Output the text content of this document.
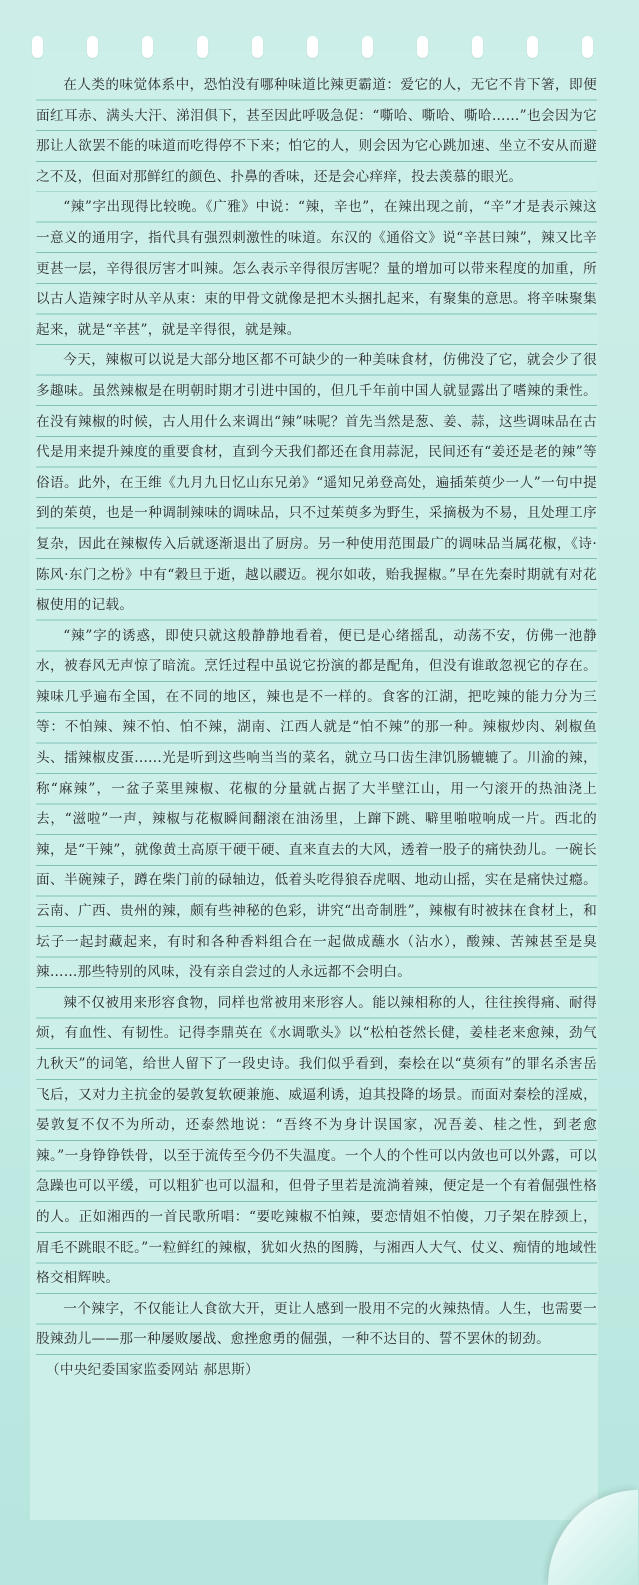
在人类的味觉体系中，恐怕没有哪种味道比辣更霸道：爱它的人，无它不肯下箸，即便面红耳赤、满头大汗、涕泪俱下，甚至因此呼吸急促：“嘶哈、嘶哈、嘶哈……”也会因为它那让人欲罢不能的味道而吃得停不下来；怕它的人，则会因为它心跳加速、坐立不安从而避之不及，但面对那鲜红的颜色、扑鼻的香味，还是会心痒痒，投去羡慕的眼光。

“辣”字出现得比较晚。《广雅》中说：“辣，辛也”，在辣出现之前，“辛”才是表示辣这一意义的通用字，指代具有强烈刺激性的味道。东汉的《通俗文》说“辛甚曰辣”，辣又比辛更甚一层，辛得很厉害才叫辣。怎么表示辛得很厉害呢？量的增加可以带来程度的加重，所以古人造辣字时从辛从束：束的甲骨文就像是把木头捆扎起来，有聚集的意思。将辛味聚集起来，就是“辛甚”，就是辛得很，就是辣。

今天，辣椒可以说是大部分地区都不可缺少的一种美味食材，仿佛没了它，就会少了很多趣味。虽然辣椒是在明朝时期才引进中国的，但几千年前中国人就显露出了嗜辣的秉性。在没有辣椒的时候，古人用什么来调出“辣”味呢？首先当然是葱、姜、蒜，这些调味品在古代是用来提升辣度的重要食材，直到今天我们都还在食用蒜泥，民间还有“姜还是老的辣”等俗语。此外，在王维《九月九日忆山东兄弟》“遥知兄弟登高处，遍插茱萸少一人”一句中提到的茱萸，也是一种调制辣味的调味品，只不过茱萸多为野生，采摘极为不易，且处理工序复杂，因此在辣椒传入后就逐渐退出了厨房。另一种使用范围最广的调味品当属花椒，《诗·陈风·东门之枌》中有“穀旦于逝，越以鬷迈。视尔如荍，贻我握椒。”早在先秦时期就有对花椒使用的记载。

“辣”字的诱惑，即使只就这般静静地看着，便已是心绪摇乱，动荡不安，仿佛一池静水，被春风无声惊了暗流。烹饪过程中虽说它扮演的都是配角，但没有谁敢忽视它的存在。辣味几乎遍布全国，在不同的地区，辣也是不一样的。食客的江湖，把吃辣的能力分为三等：不怕辣、辣不怕、怕不辣，湖南、江西人就是“怕不辣”的那一种。辣椒炒肉、剁椒鱼头、擂辣椒皮蛋......光是听到这些响当当的菜名，就立马口齿生津饥肠辘辘了。川渝的辣，称“麻辣”，一盆子菜里辣椒、花椒的分量就占据了大半壁江山，用一勺滚开的热油浇上去，“滋啦”一声，辣椒与花椒瞬间翻滚在油汤里，上蹿下跳、噼里啪啦响成一片。西北的辣，是“干辣”，就像黄土高原干硬干硬、直来直去的大风，透着一股子的痛快劲儿。一碗长面、半碗辣子，蹲在柴门前的碌轴边，低着头吃得狼吞虎咽、地动山摇，实在是痛快过瘾。云南、广西、贵州的辣，颇有些神秘的色彩，讲究“出奇制胜”，辣椒有时被抹在食材上，和坛子一起封藏起来，有时和各种香料组合在一起做成蘸水（沾水），酸辣、苦辣甚至是臭辣……那些特别的风味，没有亲自尝过的人永远都不会明白。

辣不仅被用来形容食物，同样也常被用来形容人。能以辣相称的人，往往挨得痛、耐得烦，有血性、有韧性。记得李鼎英在《水调歌头》以“松柏苍然长健，姜桂老来愈辣，劲气九秋天”的词笔，给世人留下了一段史诗。我们似乎看到，秦桧在以“莫须有”的罪名杀害岳飞后，又对力主抗金的晏敦复软硬兼施、威逼利诱，迫其投降的场景。而面对秦桧的淫威，晏敦复不仅不为所动，还泰然地说：“吾终不为身计误国家，况吾姜、桂之性，到老愈辣。”一身铮铮铁骨，以至于流传至今仍不失温度。一个人的个性可以内敛也可以外露，可以急躁也可以平缓，可以粗犷也可以温和，但骨子里若是流淌着辣，便定是一个有着倔强性格的人。正如湘西的一首民歌所唱：“要吃辣椒不怕辣，要恋情姐不怕傻，刀子架在脖颈上，眉毛不跳眼不眨。”一粒鲜红的辣椒，犹如火热的图腾，与湘西人大气、仗义、痴情的地域性格交相辉映。

一个辣字，不仅能让人食欲大开，更让人感到一股用不完的火辣热情。人生，也需要一股辣劲儿——那一种屡败屡战、愈挫愈勇的倔强，一种不达目的、誓不罢休的韧劲。

（中央纪委国家监委网站 郝思斯）
